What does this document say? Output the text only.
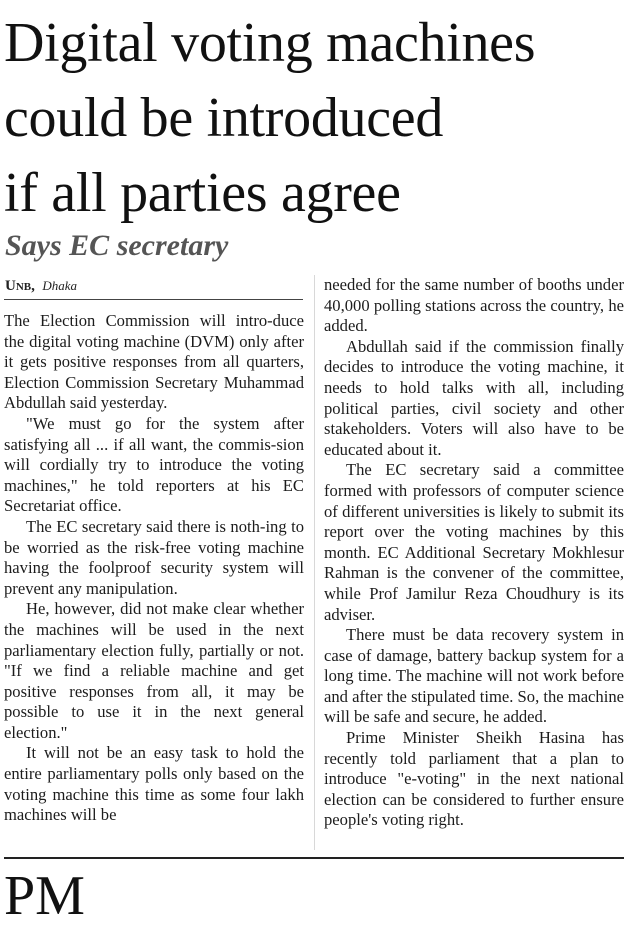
Digital voting machines
could be introduced
if all parties agree
Says EC secretary
Unb, Dhaka

The Election Commission will intro-duce the digital voting machine (DVM) only after it gets positive responses from all quarters, Election Commission Secretary Muhammad Abdullah said yesterday.

"We must go for the system after satisfying all ... if all want, the commis-sion will cordially try to introduce the voting machines," he told reporters at his EC Secretariat office.

The EC secretary said there is noth-ing to be worried as the risk-free voting machine having the foolproof security system will prevent any manipulation.

He, however, did not make clear whether the machines will be used in the next parliamentary election fully, partially or not. "If we find a reliable machine and get positive responses from all, it may be possible to use it in the next general election."

It will not be an easy task to hold the entire parliamentary polls only based on the voting machine this time as some four lakh machines will be

needed for the same number of booths under 40,000 polling stations across the country, he added.

Abdullah said if the commission finally decides to introduce the voting machine, it needs to hold talks with all, including political parties, civil society and other stakeholders. Voters will also have to be educated about it.

The EC secretary said a committee formed with professors of computer science of different universities is likely to submit its report over the voting machines by this month. EC Additional Secretary Mokhlesur Rahman is the convener of the committee, while Prof Jamilur Reza Choudhury is its adviser.

There must be data recovery system in case of damage, battery backup system for a long time. The machine will not work before and after the stipulated time. So, the machine will be safe and secure, he added.

Prime Minister Sheikh Hasina has recently told parliament that a plan to introduce "e-voting" in the next national election can be considered to further ensure people's voting right.

PM
